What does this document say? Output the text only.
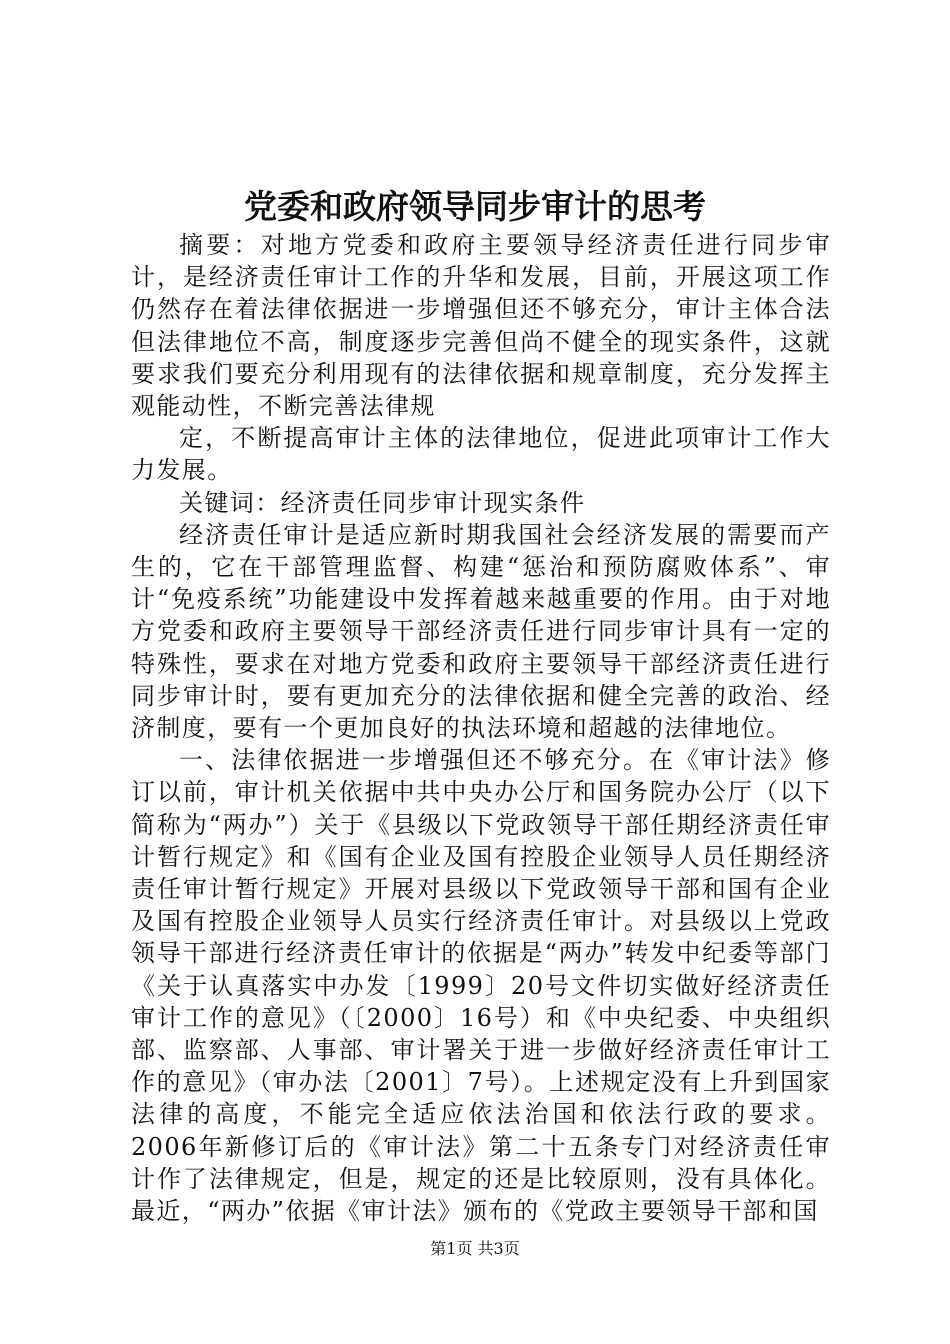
党委和政府领导同步审计的思考

摘要：对地方党委和政府主要领导经济责任进行同步审计，是经济责任审计工作的升华和发展，目前，开展这项工作仍然存在着法律依据进一步增强但还不够充分，审计主体合法但法律地位不高，制度逐步完善但尚不健全的现实条件，这就要求我们要充分利用现有的法律依据和规章制度，充分发挥主观能动性，不断完善法律规

定，不断提高审计主体的法律地位，促进此项审计工作大力发展。

关键词：经济责任同步审计现实条件

经济责任审计是适应新时期我国社会经济发展的需要而产生的，它在干部管理监督、构建“惩治和预防腐败体系”、审计“免疫系统”功能建设中发挥着越来越重要的作用。由于对地方党委和政府主要领导干部经济责任进行同步审计具有一定的特殊性，要求在对地方党委和政府主要领导干部经济责任进行同步审计时，要有更加充分的法律依据和健全完善的政治、经济制度，要有一个更加良好的执法环境和超越的法律地位。

一、法律依据进一步增强但还不够充分。在《审计法》修订以前，审计机关依据中共中央办公厅和国务院办公厅（以下简称为“两办”）关于《县级以下党政领导干部任期经济责任审计暂行规定》和《国有企业及国有控股企业领导人员任期经济责任审计暂行规定》开展对县级以下党政领导干部和国有企业及国有控股企业领导人员实行经济责任审计。对县级以上党政领导干部进行经济责任审计的依据是“两办”转发中纪委等部门《关于认真落实中办发〔1999〕20号文件切实做好经济责任审计工作的意见》（〔2000〕16号）和《中央纪委、中央组织部、监察部、人事部、审计署关于进一步做好经济责任审计工作的意见》（审办法〔2001〕7号）。上述规定没有上升到国家法律的高度，不能完全适应依法治国和依法行政的要求。2006年新修订后的《审计法》第二十五条专门对经济责任审计作了法律规定，但是，规定的还是比较原则，没有具体化。最近，“两办”依据《审计法》颁布的《党政主要领导干部和国

第1页 共3页
